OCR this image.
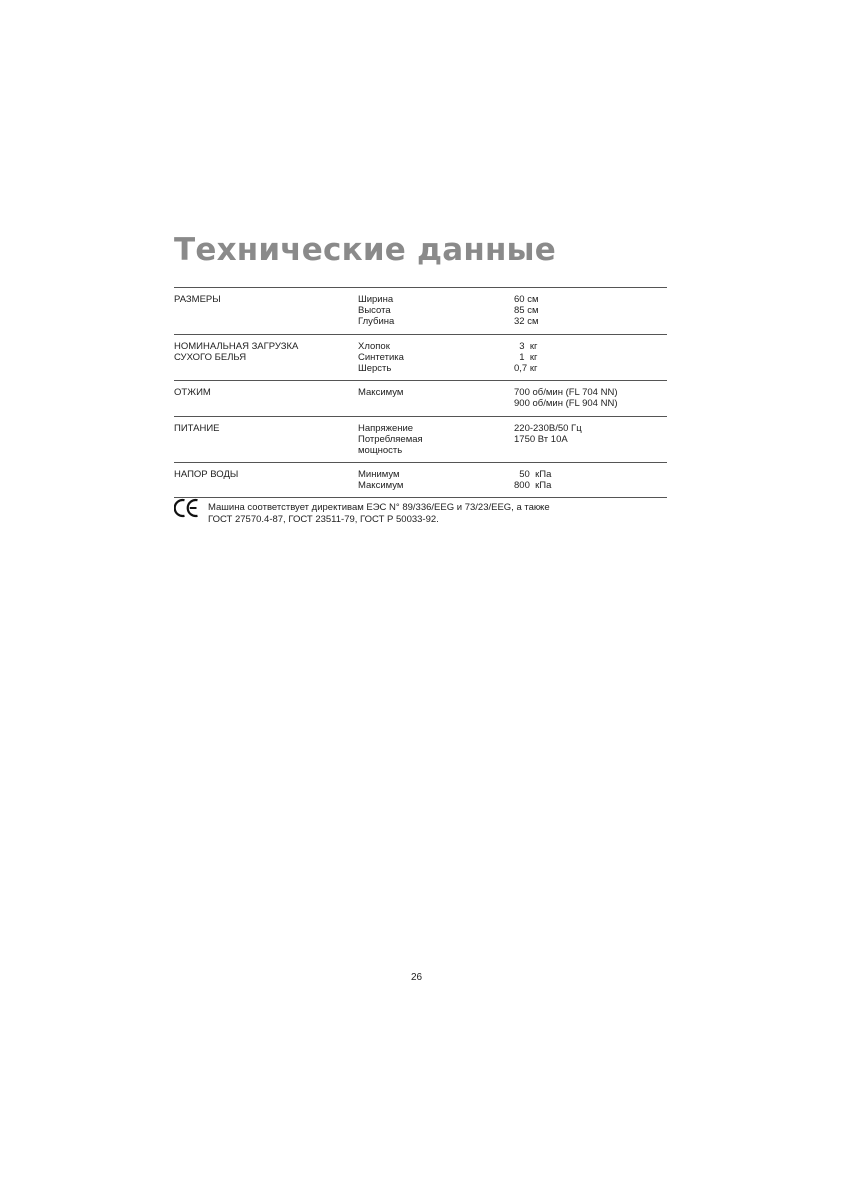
Технические данные
РАЗМЕРЫ	Ширина	60 см
Высота	85 см
Глубина	32 см
НОМИНАЛЬНАЯ ЗАГРУЗКА
СУХОГО БЕЛЬЯ
Хлопок	3  кг
Синтетика	1  кг
Шерсть	0,7 кг
ОТЖИМ	Максимум	700 об/мин (FL 704 NN)
900 об/мин (FL 904 NN)
ПИТАНИЕ	Напряжение	220-230В/50 Гц
Потребляемая	1750 Вт 10А
мощность
НАПОР ВОДЫ	Минимум	50  кПа
Максимум	800  кПа
Машина соответствует директивам ЕЭС N° 89/336/EEG и 73/23/EEG, а также
ГОСТ 27570.4-87, ГОСТ 23511-79, ГОСТ Р 50033-92.
26
